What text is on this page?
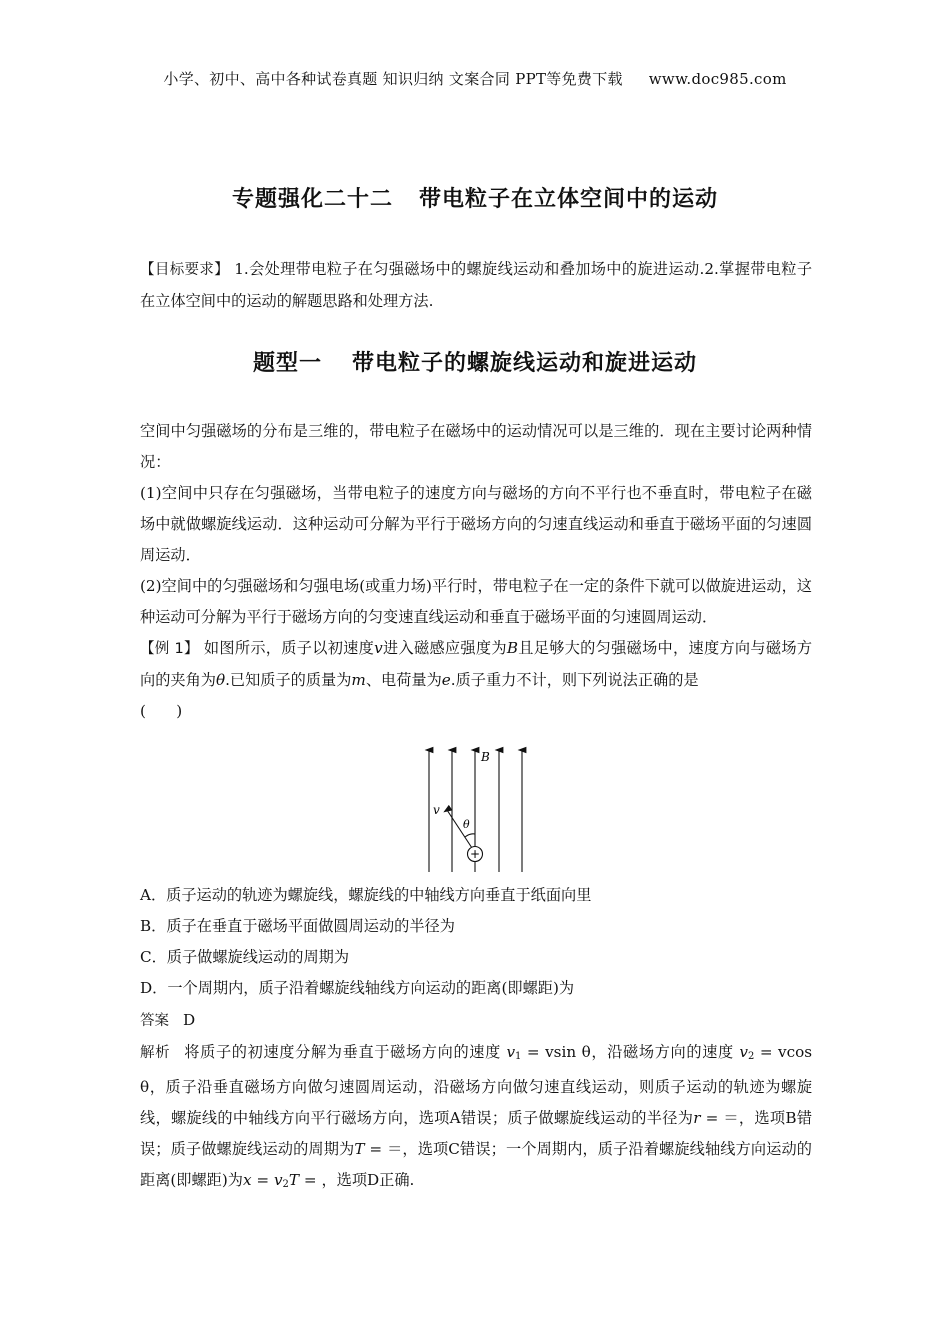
小学、初中、高中各种试卷真题 知识归纳 文案合同 PPT等免费下载 www.doc985.com
专题强化二十二 带电粒子在立体空间中的运动
【目标要求】 1.会处理带电粒子在匀强磁场中的螺旋线运动和叠加场中的旋进运动.2.掌握带电粒子在立体空间中的运动的解题思路和处理方法.
题型一 带电粒子的螺旋线运动和旋进运动

空间中匀强磁场的分布是三维的，带电粒子在磁场中的运动情况可以是三维的．现在主要讨论两种情况：

(1)空间中只存在匀强磁场，当带电粒子的速度方向与磁场的方向不平行也不垂直时，带电粒子在磁场中就做螺旋线运动．这种运动可分解为平行于磁场方向的匀速直线运动和垂直于磁场平面的匀速圆周运动．

(2)空间中的匀强磁场和匀强电场(或重力场)平行时，带电粒子在一定的条件下就可以做旋进运动，这种运动可分解为平行于磁场方向的匀变速直线运动和垂直于磁场平面的匀速圆周运动．

【例 1】 如图所示，质子以初速度v进入磁感应强度为B且足够大的匀强磁场中，速度方向与磁场方向的夹角为θ.已知质子的质量为m、电荷量为e.质子重力不计，则下列说法正确的是

(　　)

+
B
v
θ

A．质子运动的轨迹为螺旋线，螺旋线的中轴线方向垂直于纸面向里

B．质子在垂直于磁场平面做圆周运动的半径为

C．质子做螺旋线运动的周期为

D．一个周期内，质子沿着螺旋线轴线方向运动的距离(即螺距)为

答案 D

解析 将质子的初速度分解为垂直于磁场方向的速度 $v_1 = vsin$ θ，沿磁场方向的速度 $v_2 = vcos$ θ，质子沿垂直磁场方向做匀速圆周运动，沿磁场方向做匀速直线运动，则质子运动的轨迹为螺旋线，螺旋线的中轴线方向平行磁场方向，选项A错误；质子做螺旋线运动的半径为r = ＝，选项B错误；质子做螺旋线运动的周期为T = ＝，选项C错误；一个周期内，质子沿着螺旋线轴线方向运动的距离(即螺距)为$x = v_2T$ = ，选项D正确.
